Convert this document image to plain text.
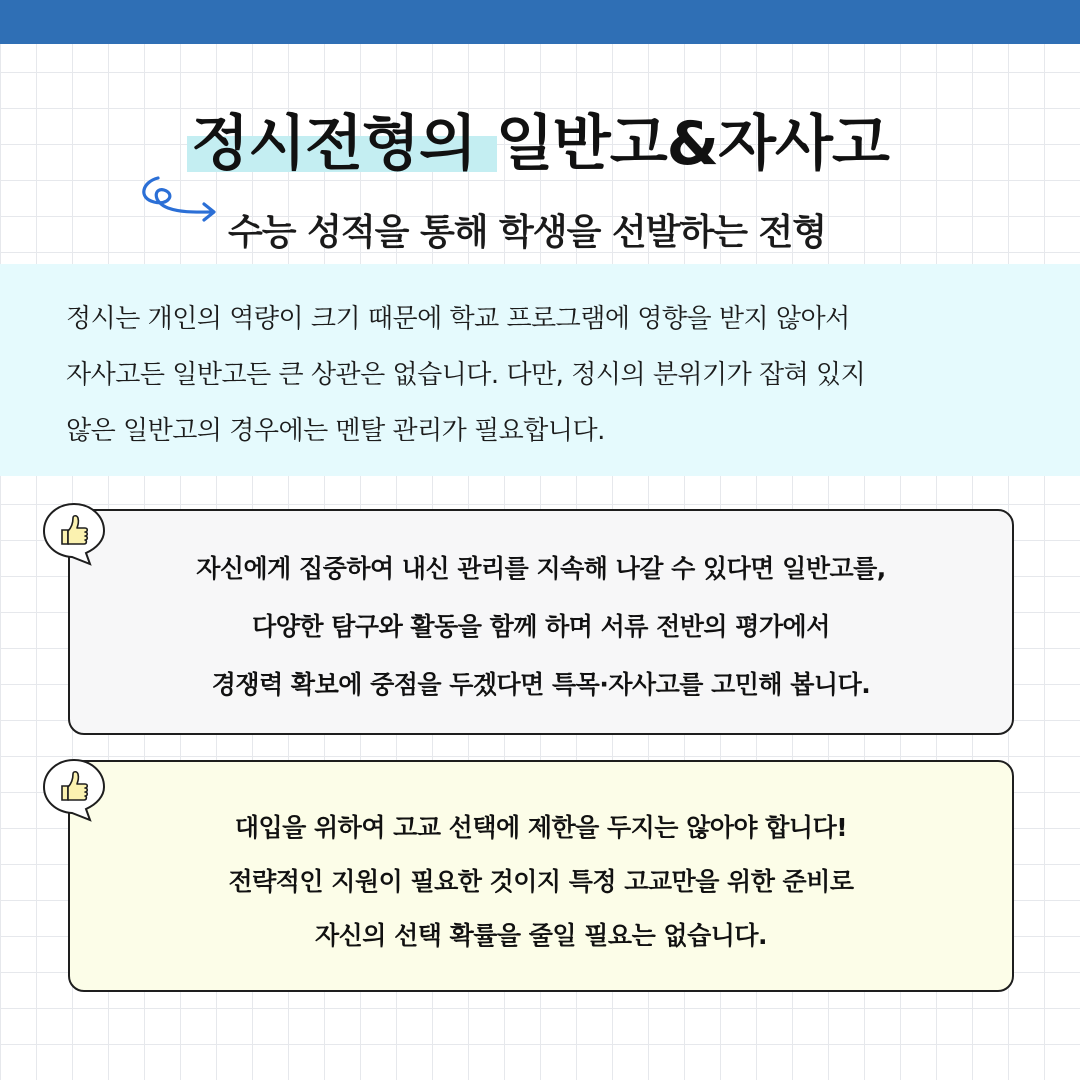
정시전형의 일반고&자사고
수능 성적을 통해 학생을 선발하는 전형
정시는 개인의 역량이 크기 때문에 학교 프로그램에 영향을 받지 않아서
자사고든 일반고든 큰 상관은 없습니다. 다만, 정시의 분위기가 잡혀 있지
않은 일반고의 경우에는 멘탈 관리가 필요합니다.
자신에게 집중하여 내신 관리를 지속해 나갈 수 있다면 일반고를,
다양한 탐구와 활동을 함께 하며 서류 전반의 평가에서
경쟁력 확보에 중점을 두겠다면 특목·자사고를 고민해 봅니다.
대입을 위하여 고교 선택에 제한을 두지는 않아야 합니다!
전략적인 지원이 필요한 것이지 특정 고교만을 위한 준비로
자신의 선택 확률을 줄일 필요는 없습니다.
